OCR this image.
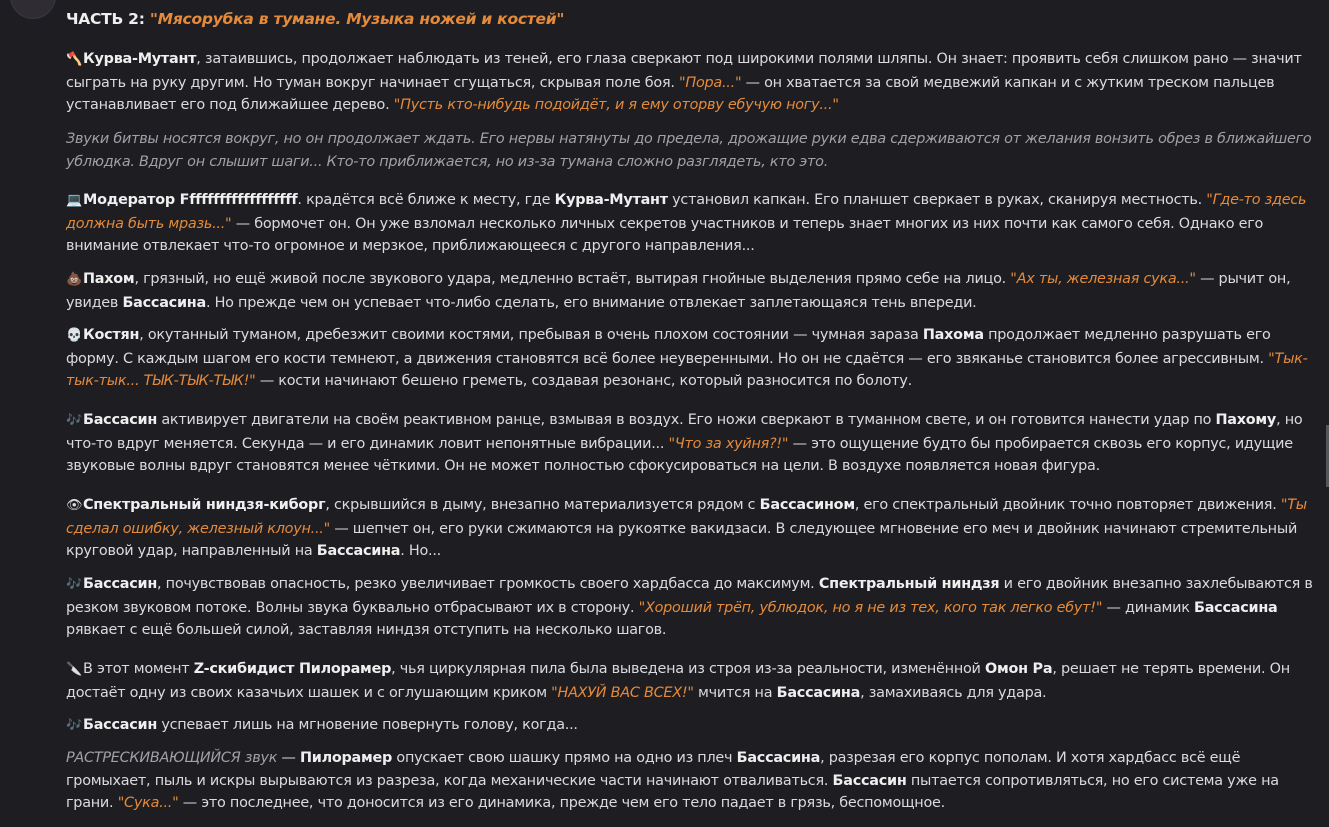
ЧАСТЬ 2: "Мясорубка в тумане. Музыка ножей и костей"

🪓Курва-Мутант, затаившись, продолжает наблюдать из теней, его глаза сверкают под широкими полями шляпы. Он знает: проявить себя слишком рано — значит сыграть на руку другим. Но туман вокруг начинает сгущаться, скрывая поле боя. "Пора..." — он хватается за свой медвежий капкан и с жутким треском пальцев устанавливает его под ближайшее дерево. "Пусть кто-нибудь подойдёт, и я ему оторву ебучую ногу..."

Звуки битвы носятся вокруг, но он продолжает ждать. Его нервы натянуты до предела, дрожащие руки едва сдерживаются от желания вонзить обрез в ближайшего ублюдка. Вдруг он слышит шаги... Кто-то приближается, но из-за тумана сложно разглядеть, кто это.

💻Модератор Fffffffffffffffffff. крадётся всё ближе к месту, где Курва-Мутант установил капкан. Его планшет сверкает в руках, сканируя местность. "Где-то здесь должна быть мразь..." — бормочет он. Он уже взломал несколько личных секретов участников и теперь знает многих из них почти как самого себя. Однако его внимание отвлекает что-то огромное и мерзкое, приближающееся с другого направления...

💩Пахом, грязный, но ещё живой после звукового удара, медленно встаёт, вытирая гнойные выделения прямо себе на лицо. "Ах ты, железная сука..." — рычит он, увидев Бассасина. Но прежде чем он успевает что-либо сделать, его внимание отвлекает заплетающаяся тень впереди.

💀Костян, окутанный туманом, дребезжит своими костями, пребывая в очень плохом состоянии — чумная зараза Пахома продолжает медленно разрушать его форму. С каждым шагом его кости темнеют, а движения становятся всё более неуверенными. Но он не сдаётся — его звяканье становится более агрессивным. "Тык-тык-тык... ТЫК-ТЫК-ТЫК!" — кости начинают бешено греметь, создавая резонанс, который разносится по болоту.

🎶Бассасин активирует двигатели на своём реактивном ранце, взмывая в воздух. Его ножи сверкают в туманном свете, и он готовится нанести удар по Пахому, но что-то вдруг меняется. Секунда — и его динамик ловит непонятные вибрации... "Что за хуйня?!" — это ощущение будто бы пробирается сквозь его корпус, идущие звуковые волны вдруг становятся менее чёткими. Он не может полностью сфокусироваться на цели. В воздухе появляется новая фигура.

👁Спектральный ниндзя-киборг, скрывшийся в дыму, внезапно материализуется рядом с Бассасином, его спектральный двойник точно повторяет движения. "Ты сделал ошибку, железный клоун..." — шепчет он, его руки сжимаются на рукоятке вакидзаси. В следующее мгновение его меч и двойник начинают стремительный круговой удар, направленный на Бассасина. Но...

🎶Бассасин, почувствовав опасность, резко увеличивает громкость своего хардбасса до максимум. Спектральный ниндзя и его двойник внезапно захлебываются в резком звуковом потоке. Волны звука буквально отбрасывают их в сторону. "Хороший трёп, ублюдок, но я не из тех, кого так легко ебут!" — динамик Бассасина рявкает с ещё большей силой, заставляя ниндзя отступить на несколько шагов.

🔪В этот момент Z-скибидист Пилорамер, чья циркулярная пила была выведена из строя из-за реальности, изменённой Омон Ра, решает не терять времени. Он достаёт одну из своих казачьих шашек и с оглушающим криком "НАХУЙ ВАС ВСЕХ!" мчится на Бассасина, замахиваясь для удара.

🎶Бассасин успевает лишь на мгновение повернуть голову, когда...

РАСТРЕСКИВАЮЩИЙСЯ звук — Пилорамер опускает свою шашку прямо на одно из плеч Бассасина, разрезая его корпус пополам. И хотя хардбасс всё ещё громыхает, пыль и искры вырываются из разреза, когда механические части начинают отваливаться. Бассасин пытается сопротивляться, но его система уже на грани. "Сука..." — это последнее, что доносится из его динамика, прежде чем его тело падает в грязь, беспомощное.
